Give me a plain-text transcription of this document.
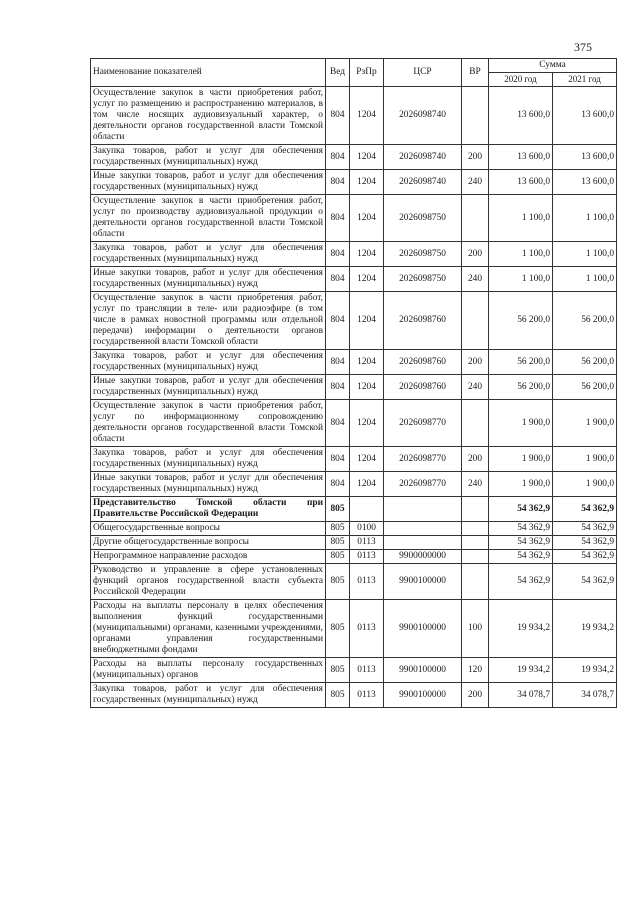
375
Наименование показателей	Вед	РзПр	ЦСР	ВР	Сумма	
					2020 год	2021 год
Осуществление закупок в части приобретения работ, услуг по размещению и распространению материалов, в том числе носящих аудиовизуальный характер, о деятельности органов государственной власти Томской области	804	1204	2026098740		13 600,0	13 600,0
Закупка товаров, работ и услуг для обеспечения государственных (муниципальных) нужд	804	1204	2026098740	200	13 600,0	13 600,0
Иные закупки товаров, работ и услуг для обеспечения государственных (муниципальных) нужд	804	1204	2026098740	240	13 600,0	13 600,0
Осуществление закупок в части приобретения работ, услуг по производству аудиовизуальной продукции о деятельности органов государственной власти Томской области	804	1204	2026098750		1 100,0	1 100,0
Закупка товаров, работ и услуг для обеспечения государственных (муниципальных) нужд	804	1204	2026098750	200	1 100,0	1 100,0
Иные закупки товаров, работ и услуг для обеспечения государственных (муниципальных) нужд	804	1204	2026098750	240	1 100,0	1 100,0
Осуществление закупок в части приобретения работ, услуг по трансляции в теле- или радиоэфире (в том числе в рамках новостной программы или отдельной передачи) информации о деятельности органов государственной власти Томской области	804	1204	2026098760		56 200,0	56 200,0
Закупка товаров, работ и услуг для обеспечения государственных (муниципальных) нужд	804	1204	2026098760	200	56 200,0	56 200,0
Иные закупки товаров, работ и услуг для обеспечения государственных (муниципальных) нужд	804	1204	2026098760	240	56 200,0	56 200,0
Осуществление закупок в части приобретения работ, услуг по информационному сопровождению деятельности органов государственной власти Томской области	804	1204	2026098770		1 900,0	1 900,0
Закупка товаров, работ и услуг для обеспечения государственных (муниципальных) нужд	804	1204	2026098770	200	1 900,0	1 900,0
Иные закупки товаров, работ и услуг для обеспечения государственных (муниципальных) нужд	804	1204	2026098770	240	1 900,0	1 900,0
Представительство Томской области при Правительстве Российской Федерации	805				54 362,9	54 362,9
Общегосударственные вопросы	805	0100			54 362,9	54 362,9
Другие общегосударственные вопросы	805	0113			54 362,9	54 362,9
Непрограммное направление расходов	805	0113	9900000000		54 362,9	54 362,9
Руководство и управление в сфере установленных функций органов государственной власти субъекта Российской Федерации	805	0113	9900100000		54 362,9	54 362,9
Расходы на выплаты персоналу в целях обеспечения выполнения функций государственными (муниципальными) органами, казенными учреждениями, органами управления государственными внебюджетными фондами	805	0113	9900100000	100	19 934,2	19 934,2
Расходы на выплаты персоналу государственных (муниципальных) органов	805	0113	9900100000	120	19 934,2	19 934,2
Закупка товаров, работ и услуг для обеспечения государственных (муниципальных) нужд	805	0113	9900100000	200	34 078,7	34 078,7
